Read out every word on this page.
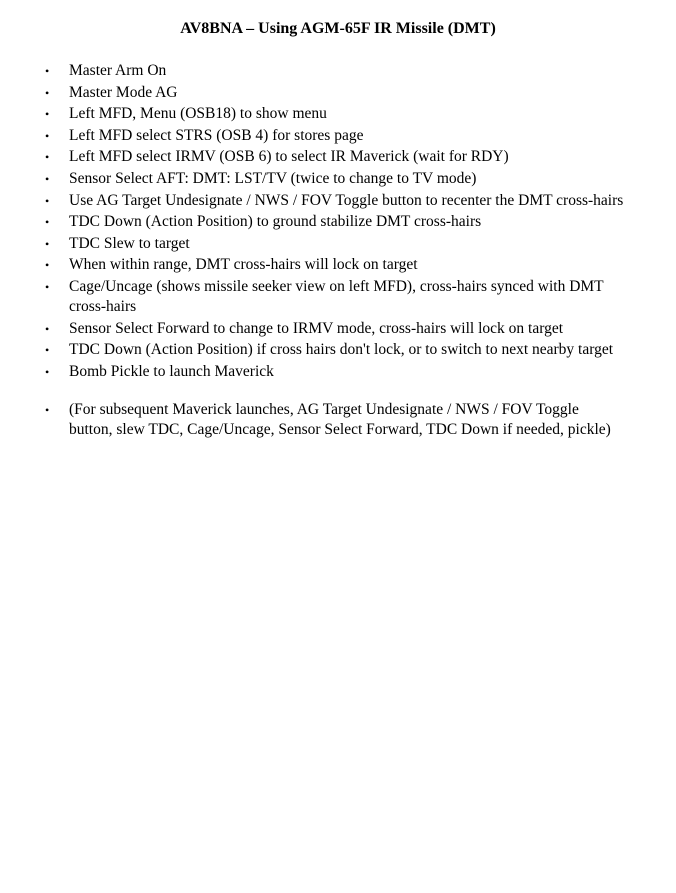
AV8BNA – Using AGM-65F IR Missile (DMT)
• Master Arm On
• Master Mode AG
• Left MFD, Menu (OSB18) to show menu
• Left MFD select STRS (OSB 4) for stores page
• Left MFD select IRMV (OSB 6) to select IR Maverick (wait for RDY)
• Sensor Select AFT: DMT: LST/TV (twice to change to TV mode)
• Use AG Target Undesignate / NWS / FOV Toggle button to recenter the DMT cross-hairs
• TDC Down (Action Position) to ground stabilize DMT cross-hairs
• TDC Slew to target
• When within range, DMT cross-hairs will lock on target
• Cage/Uncage (shows missile seeker view on left MFD), cross-hairs synced with DMT cross-hairs
• Sensor Select Forward to change to IRMV mode, cross-hairs will lock on target
• TDC Down (Action Position) if cross hairs don't lock, or to switch to next nearby target
• Bomb Pickle to launch Maverick
• (For subsequent Maverick launches, AG Target Undesignate / NWS / FOV Toggle button, slew TDC, Cage/Uncage, Sensor Select Forward, TDC Down if needed, pickle)
